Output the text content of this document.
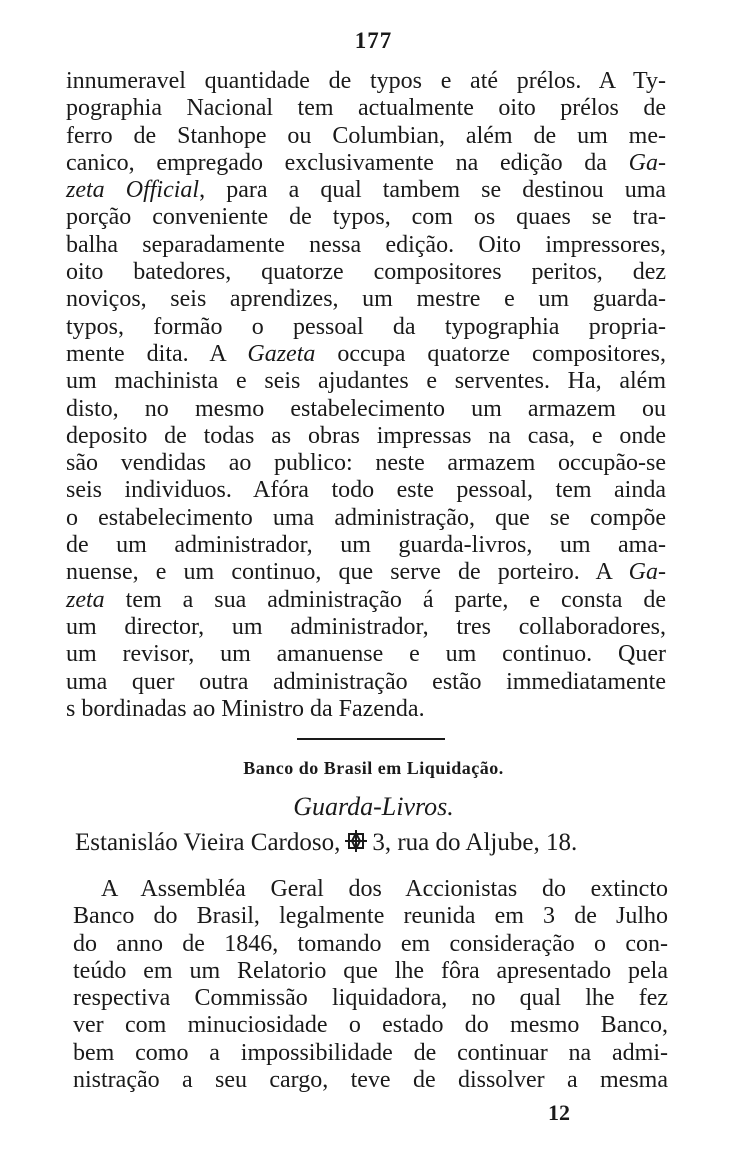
177
innumeravel quantidade de typos e até prélos. A Ty-
pographia Nacional tem actualmente oito prélos de
ferro de Stanhope ou Columbian, além de um me-
canico, empregado exclusivamente na edição da Ga-
zeta Official, para a qual tambem se destinou uma
porção conveniente de typos, com os quaes se tra-
balha separadamente nessa edição. Oito impressores,
oito batedores, quatorze compositores peritos, dez
noviços, seis aprendizes, um mestre e um guarda-
typos, formão o pessoal da typographia propria-
mente dita. A Gazeta occupa quatorze compositores,
um machinista e seis ajudantes e serventes. Ha, além
disto, no mesmo estabelecimento um armazem ou
deposito de todas as obras impressas na casa, e onde
são vendidas ao publico: neste armazem occupão-se
seis individuos. Afóra todo este pessoal, tem ainda
o estabelecimento uma administração, que se compõe
de um administrador, um guarda-livros, um ama-
nuense, e um continuo, que serve de porteiro. A Ga-
zeta tem a sua administração á parte, e consta de
um director, um administrador, tres collaboradores,
um revisor, um amanuense e um continuo. Quer
uma quer outra administração estão immediatamente
s bordinadas ao Ministro da Fazenda.
Banco do Brasil em Liquidação.
Guarda-Livros.
Estanisláo Vieira Cardoso, 3, rua do Aljube, 18.
A Assembléa Geral dos Accionistas do extincto
Banco do Brasil, legalmente reunida em 3 de Julho
do anno de 1846, tomando em consideração o con-
teúdo em um Relatorio que lhe fôra apresentado pela
respectiva Commissão liquidadora, no qual lhe fez
ver com minuciosidade o estado do mesmo Banco,
bem como a impossibilidade de continuar na admi-
nistração a seu cargo, teve de dissolver a mesma
12
